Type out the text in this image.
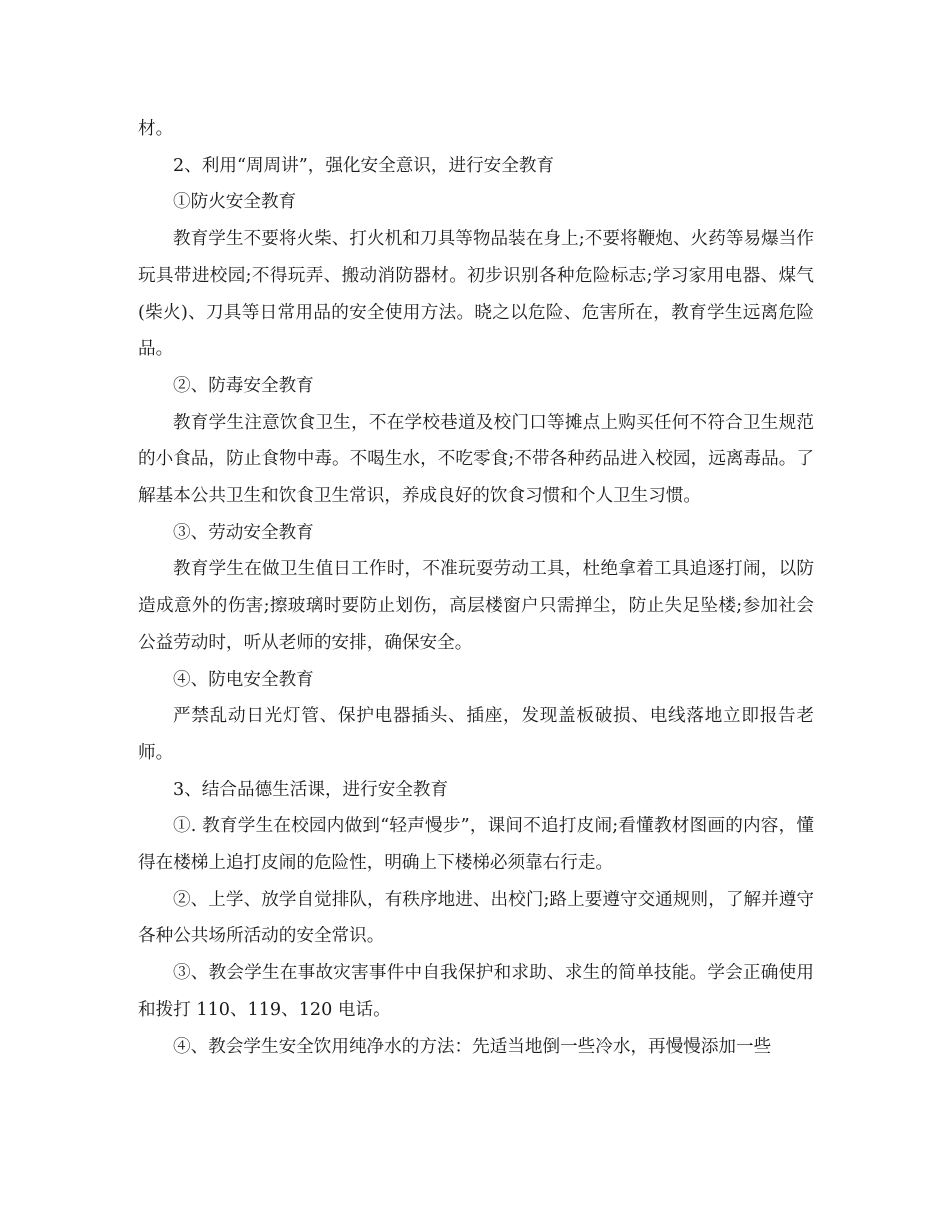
材。

2、利用“周周讲”，强化安全意识，进行安全教育

①防火安全教育

教育学生不要将火柴、打火机和刀具等物品装在身上;不要将鞭炮、火药等易爆当作玩具带进校园;不得玩弄、搬动消防器材。初步识别各种危险标志;学习家用电器、煤气(柴火)、刀具等日常用品的安全使用方法。晓之以危险、危害所在，教育学生远离危险品。

②、防毒安全教育

教育学生注意饮食卫生，不在学校巷道及校门口等摊点上购买任何不符合卫生规范的小食品，防止食物中毒。不喝生水，不吃零食;不带各种药品进入校园，远离毒品。了解基本公共卫生和饮食卫生常识，养成良好的饮食习惯和个人卫生习惯。

③、劳动安全教育

教育学生在做卫生值日工作时，不准玩耍劳动工具，杜绝拿着工具追逐打闹，以防造成意外的伤害;擦玻璃时要防止划伤，高层楼窗户只需掸尘，防止失足坠楼;参加社会公益劳动时，听从老师的安排，确保安全。

④、防电安全教育

严禁乱动日光灯管、保护电器插头、插座，发现盖板破损、电线落地立即报告老师。

3、结合品德生活课，进行安全教育

①. 教育学生在校园内做到“轻声慢步”，课间不追打皮闹;看懂教材图画的内容，懂得在楼梯上追打皮闹的危险性，明确上下楼梯必须靠右行走。

②、上学、放学自觉排队，有秩序地进、出校门;路上要遵守交通规则，了解并遵守各种公共场所活动的安全常识。

③、教会学生在事故灾害事件中自我保护和求助、求生的简单技能。学会正确使用和拨打 110、119、120 电话。

④、教会学生安全饮用纯净水的方法：先适当地倒一些冷水，再慢慢添加一些
